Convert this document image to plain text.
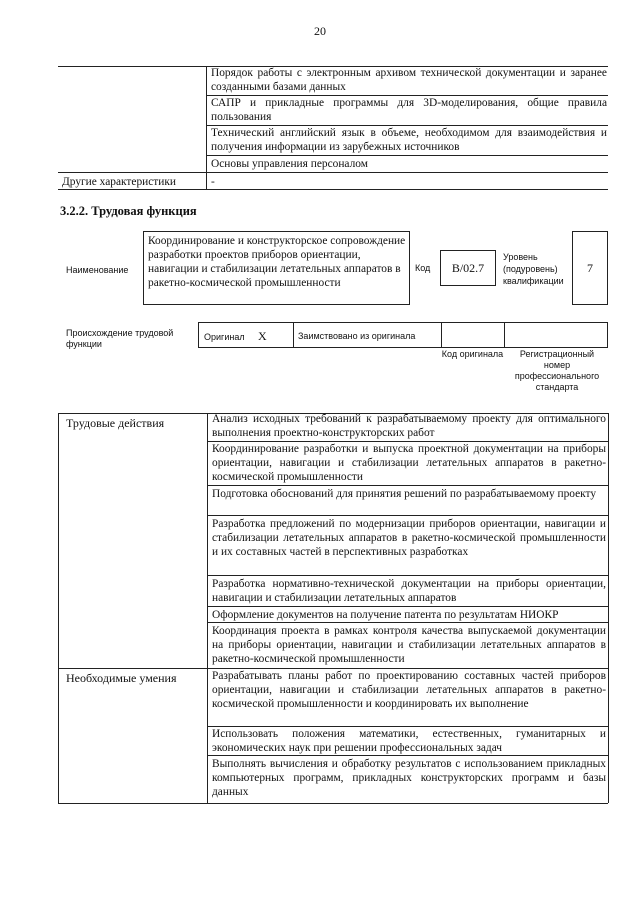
20
Порядок работы с электронным архивом технической документации и заранее созданными базами данных
САПР и прикладные программы для 3D-моделирования, общие правила пользования
Технический английский язык в объеме, необходимом для взаимодействия и получения информации из зарубежных источников
Основы управления персоналом
Другие характеристики	-
3.2.2. Трудовая функция
Наименование
Координирование и конструкторское сопровождение разработки проектов приборов ориентации, навигации и стабилизации летательных аппаратов в ракетно-космической промышленности
Код	B/02.7
Уровень (подуровень) квалификации
7
Происхождение трудовой функции
Оригинал	X	Заимствовано из оригинала
Код оригинала	Регистрационный номер профессионального стандарта
Трудовые действия	Анализ исходных требований к разрабатываемому проекту для оптимального выполнения проектно-конструкторских работ
Координирование разработки и выпуска проектной документации на приборы ориентации, навигации и стабилизации летательных аппаратов в ракетно-космической промышленности
Подготовка обоснований для принятия решений по разрабатываемому проекту
Разработка предложений по модернизации приборов ориентации, навигации и стабилизации летательных аппаратов в ракетно-космической промышленности и их составных частей в перспективных разработках
Разработка нормативно-технической документации на приборы ориентации, навигации и стабилизации летательных аппаратов
Оформление документов на получение патента по результатам НИОКР
Координация проекта в рамках контроля качества выпускаемой документации на приборы ориентации, навигации и стабилизации летательных аппаратов в ракетно-космической промышленности
Необходимые умения	Разрабатывать планы работ по проектированию составных частей приборов ориентации, навигации и стабилизации летательных аппаратов в ракетно-космической промышленности и координировать их выполнение
Использовать положения математики, естественных, гуманитарных и экономических наук при решении профессиональных задач
Выполнять вычисления и обработку результатов с использованием прикладных компьютерных программ, прикладных конструкторских программ и базы данных
